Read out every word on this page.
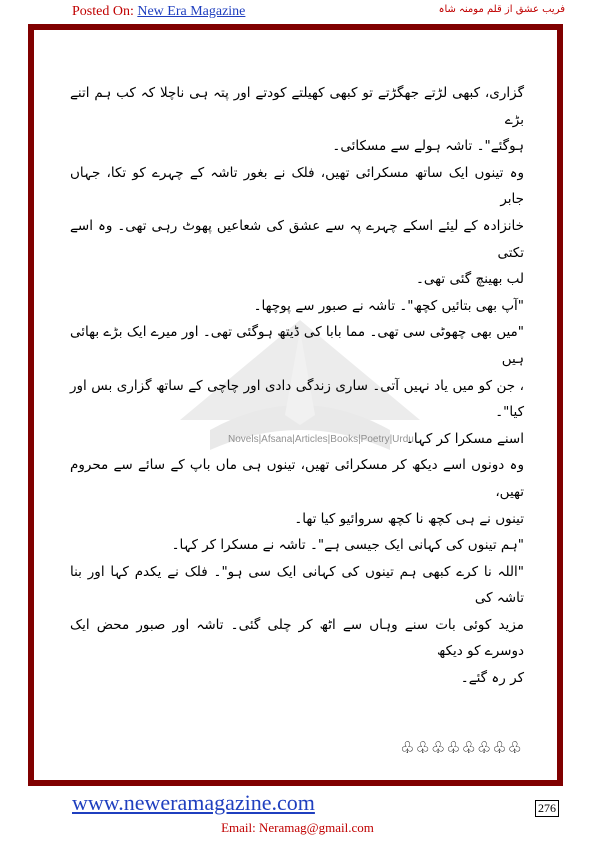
Posted On: New Era Magazine	فریب عشق از قلم مومنہ شاہ
Novels|Afsana|Articles|Books|Poetry|Urdu

گزاری، کبھی لڑتے جھگڑتے تو کبھی کھیلتے کودتے اور پتہ ہی ناچلا کہ کب ہم اتنے بڑے

ہوگئے"۔ تاشہ ہولے سے مسکائی۔

وہ تینوں ایک ساتھ مسکرائی تھیں، فلک نے بغور تاشہ کے چہرے کو تکا، جہاں جابر

خانزادہ کے لیئے اسکے چہرے پہ سے عشق کی شعاعیں پھوٹ رہی تھی۔ وہ اسے تکتی

لب بھینچ گئی تھی۔

"آپ بھی بتائیں کچھ"۔ تاشہ نے صبور سے پوچھا۔

"میں بھی چھوٹی سی تھی۔ مما بابا کی ڈیتھ ہوگئی تھی۔ اور میرے ایک بڑے بھائی ہیں

، جن کو میں یاد نہیں آتی۔ ساری زندگی دادی اور چاچی کے ساتھ گزاری بس اور کیا"۔

اسنے مسکرا کر کہا۔

وہ دونوں اسے دیکھ کر مسکرائی تھیں، تینوں ہی ماں باپ کے سائے سے محروم تھیں،

تینوں نے ہی کچھ نا کچھ سروائیو کیا تھا۔

"ہم تینوں کی کہانی ایک جیسی ہے"۔ تاشہ نے مسکرا کر کہا۔

"اللہ نا کرے کبھی ہم تینوں کی کہانی ایک سی ہو"۔ فلک نے یکدم کہا اور بنا تاشہ کی

مزید کوئی بات سنے وہاں سے اٹھ کر چلی گئی۔ تاشہ اور صبور محض ایک دوسرے کو دیکھ

کر رہ گئے۔

♧♧♧♧♧♧♧♧
www.neweramagazine.com	276
Email: Neramag@gmail.com
